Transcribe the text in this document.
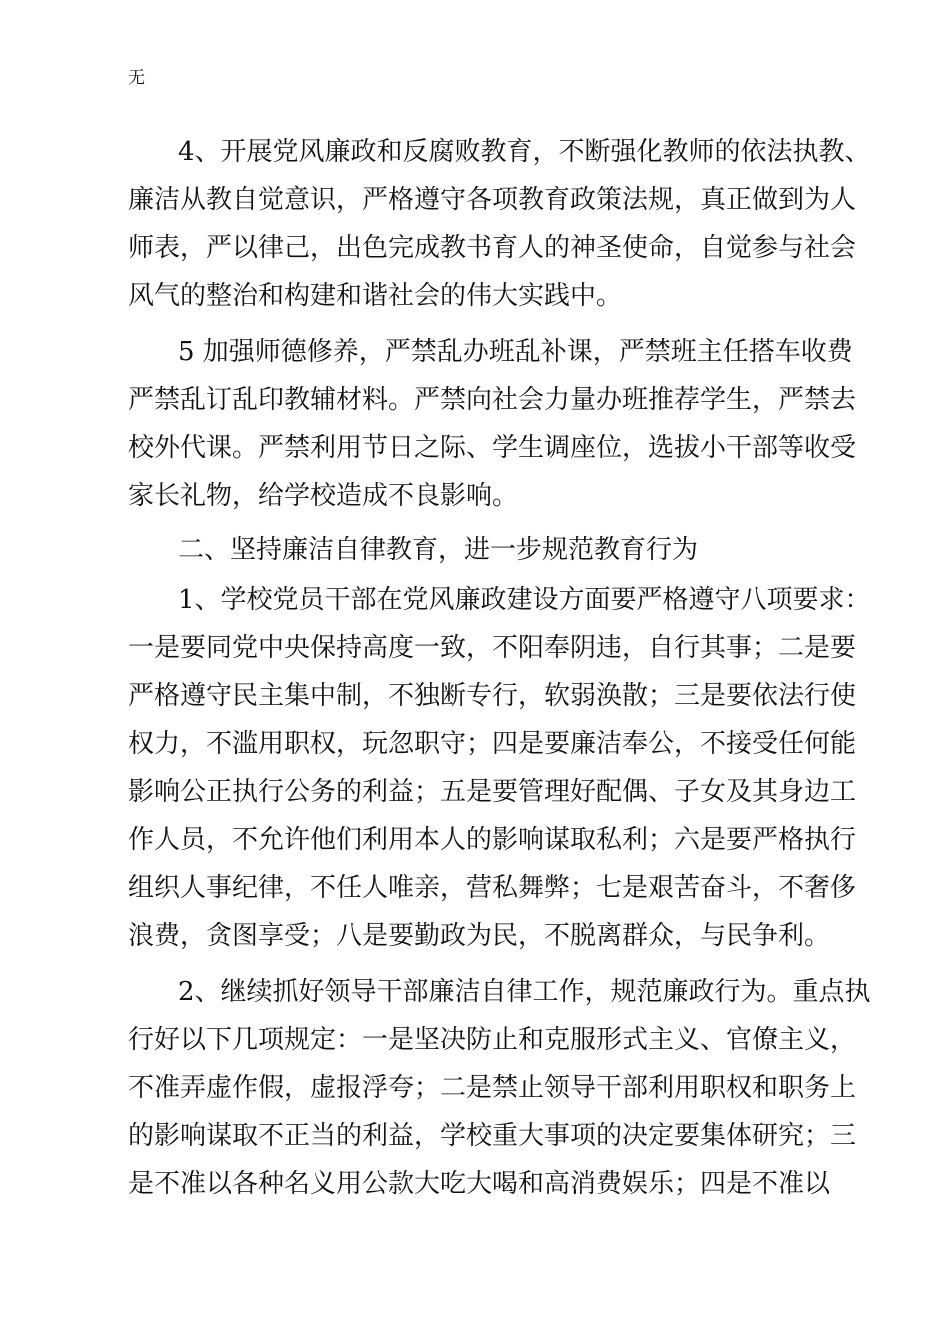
无
4、开展党风廉政和反腐败教育，不断强化教师的依法执教、
廉洁从教自觉意识，严格遵守各项教育政策法规，真正做到为人
师表，严以律己，出色完成教书育人的神圣使命，自觉参与社会
风气的整治和构建和谐社会的伟大实践中。
5 加强师德修养，严禁乱办班乱补课，严禁班主任搭车收费
严禁乱订乱印教辅材料。严禁向社会力量办班推荐学生，严禁去
校外代课。严禁利用节日之际、学生调座位，选拔小干部等收受
家长礼物，给学校造成不良影响。
二、坚持廉洁自律教育，进一步规范教育行为
1、学校党员干部在党风廉政建设方面要严格遵守八项要求：
一是要同党中央保持高度一致，不阳奉阴违，自行其事；二是要
严格遵守民主集中制，不独断专行，软弱涣散；三是要依法行使
权力，不滥用职权，玩忽职守；四是要廉洁奉公，不接受任何能
影响公正执行公务的利益；五是要管理好配偶、子女及其身边工
作人员，不允许他们利用本人的影响谋取私利；六是要严格执行
组织人事纪律，不任人唯亲，营私舞弊；七是艰苦奋斗，不奢侈
浪费，贪图享受；八是要勤政为民，不脱离群众，与民争利。
2、继续抓好领导干部廉洁自律工作，规范廉政行为。重点执
行好以下几项规定：一是坚决防止和克服形式主义、官僚主义，
不准弄虚作假，虚报浮夸；二是禁止领导干部利用职权和职务上
的影响谋取不正当的利益，学校重大事项的决定要集体研究；三
是不准以各种名义用公款大吃大喝和高消费娱乐；四是不准以
